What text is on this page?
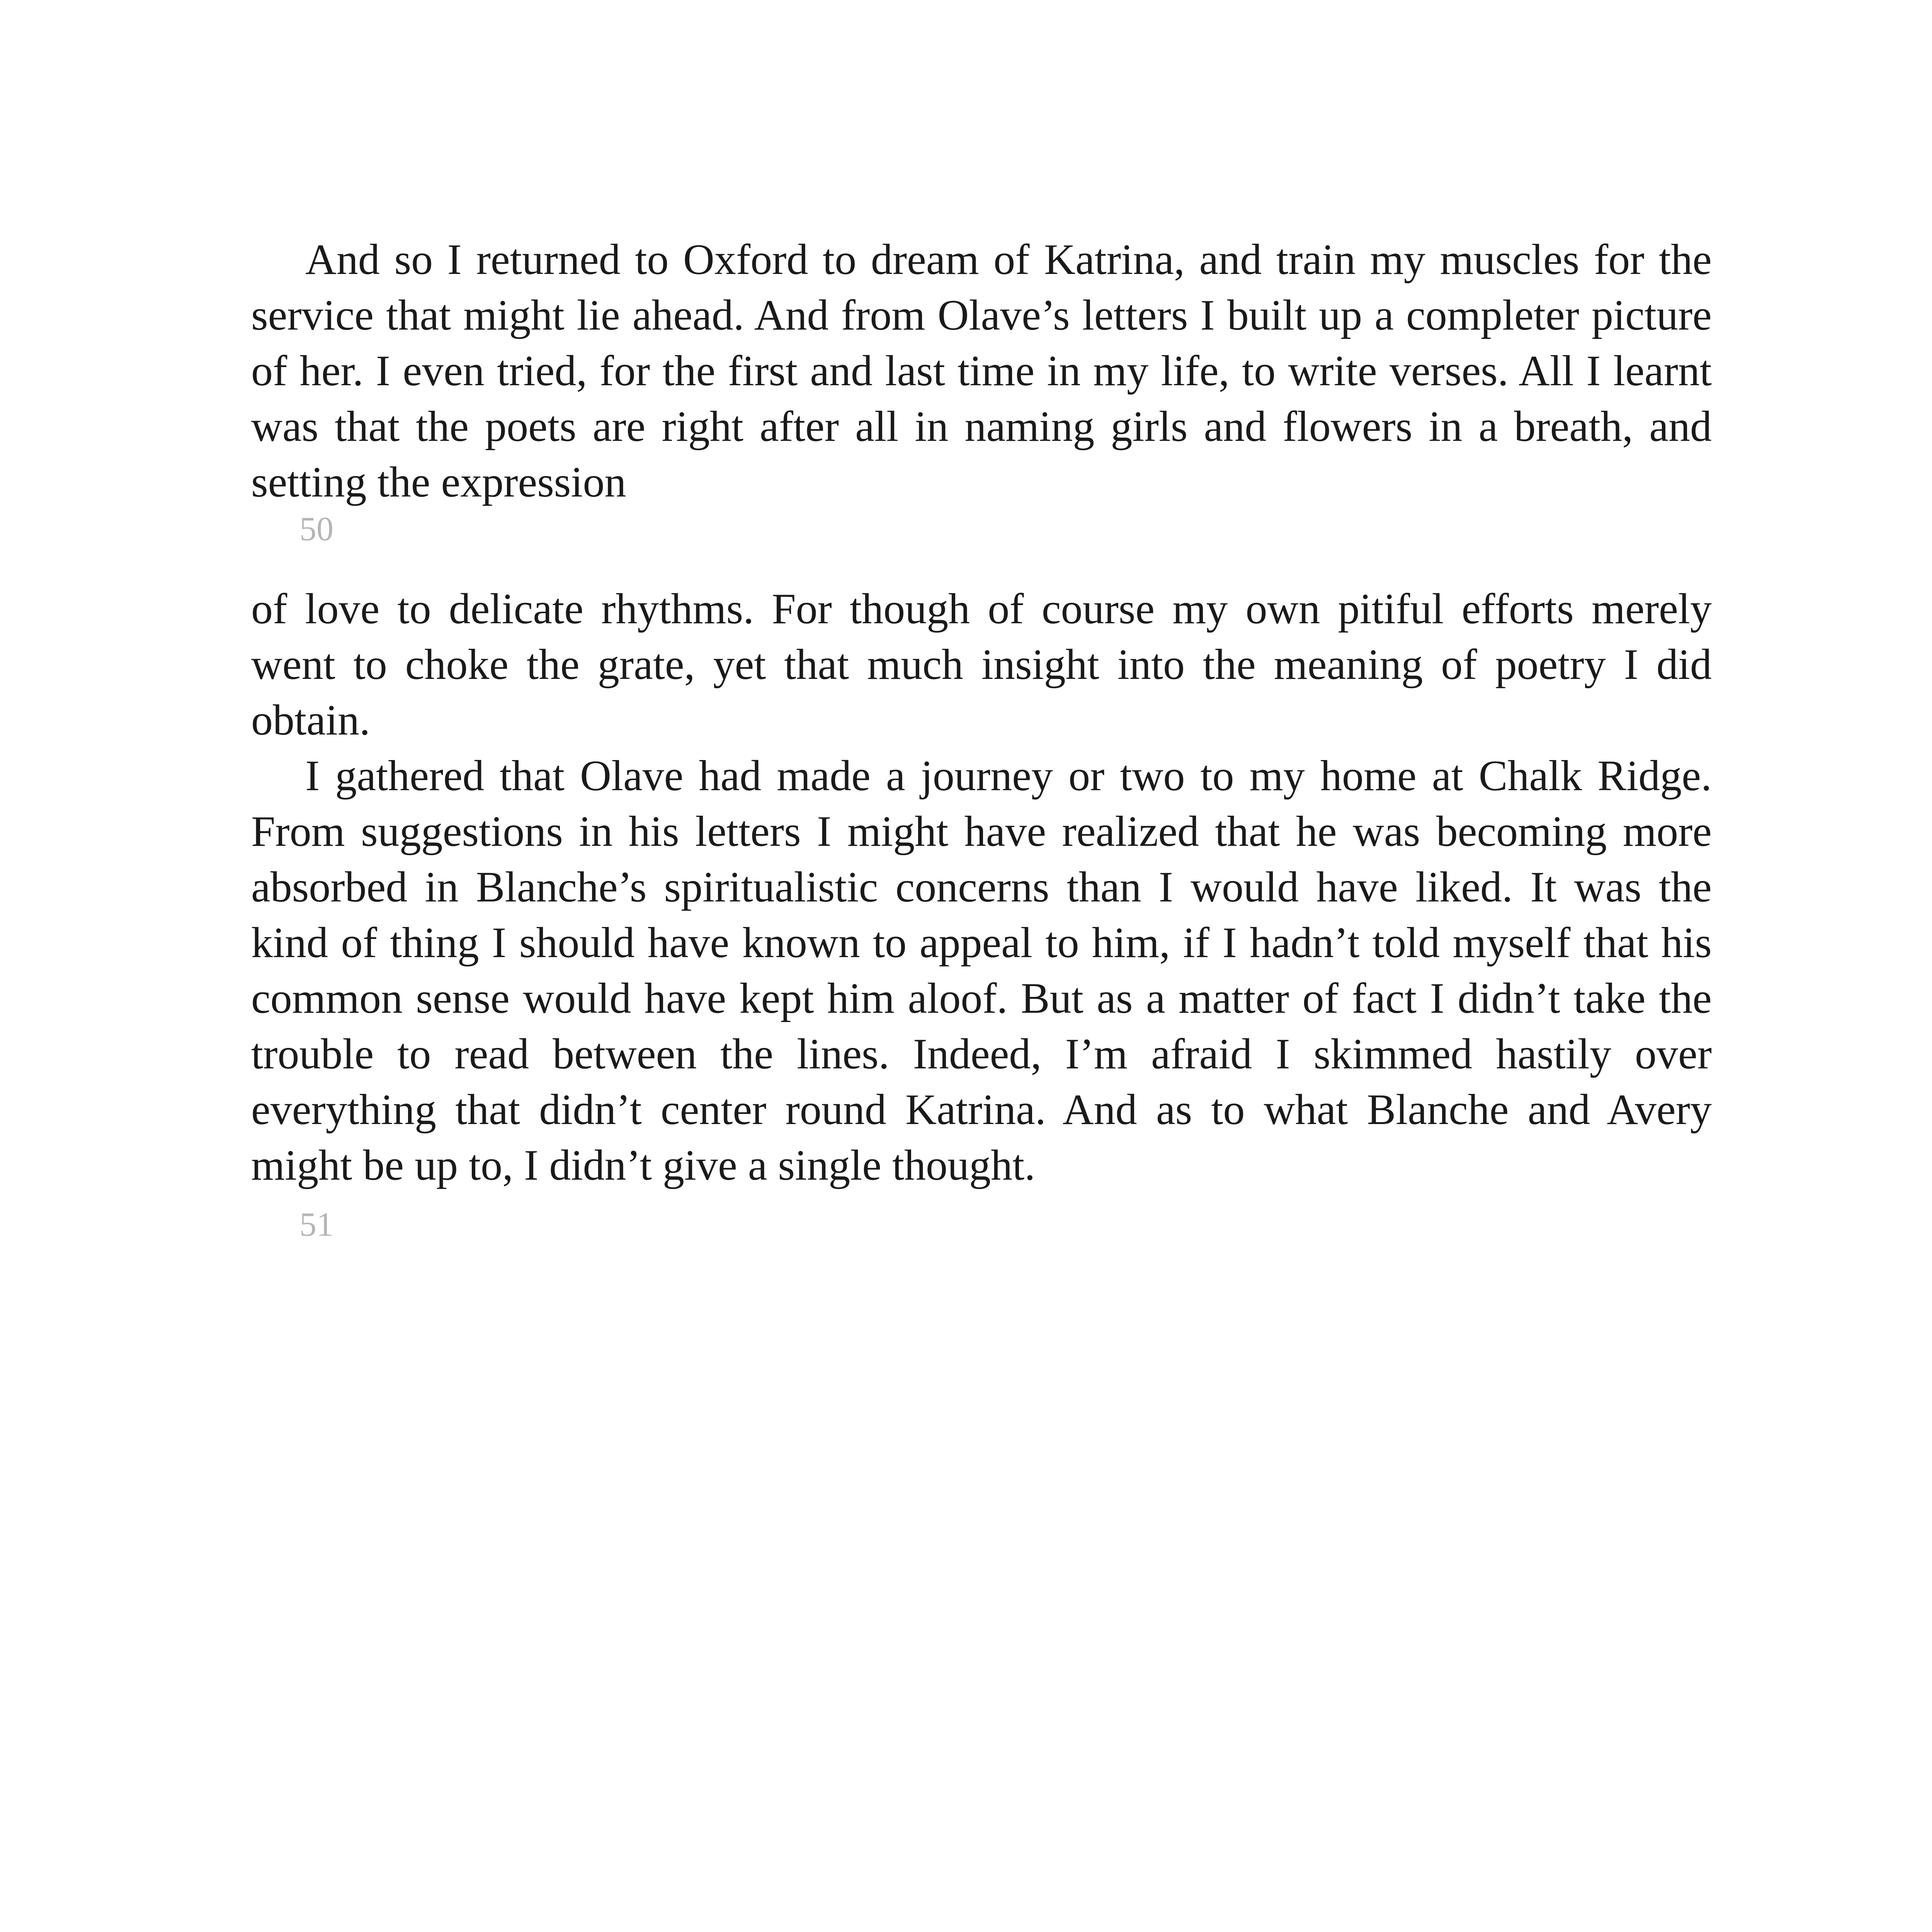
And so I returned to Oxford to dream of Katrina, and train my muscles for the service that might lie ahead. And from Olave’s letters I built up a completer picture of her. I even tried, for the first and last time in my life, to write verses. All I learnt was that the poets are right after all in naming girls and flowers in a breath, and setting the expression

50

of love to delicate rhythms. For though of course my own pitiful efforts merely went to choke the grate, yet that much insight into the meaning of poetry I did obtain.

I gathered that Olave had made a journey or two to my home at Chalk Ridge. From suggestions in his letters I might have realized that he was becoming more absorbed in Blanche’s spiritualistic concerns than I would have liked. It was the kind of thing I should have known to appeal to him, if I hadn’t told myself that his common sense would have kept him aloof. But as a matter of fact I didn’t take the trouble to read between the lines. Indeed, I’m afraid I skimmed hastily over everything that didn’t center round Katrina. And as to what Blanche and Avery might be up to, I didn’t give a single thought.

51
